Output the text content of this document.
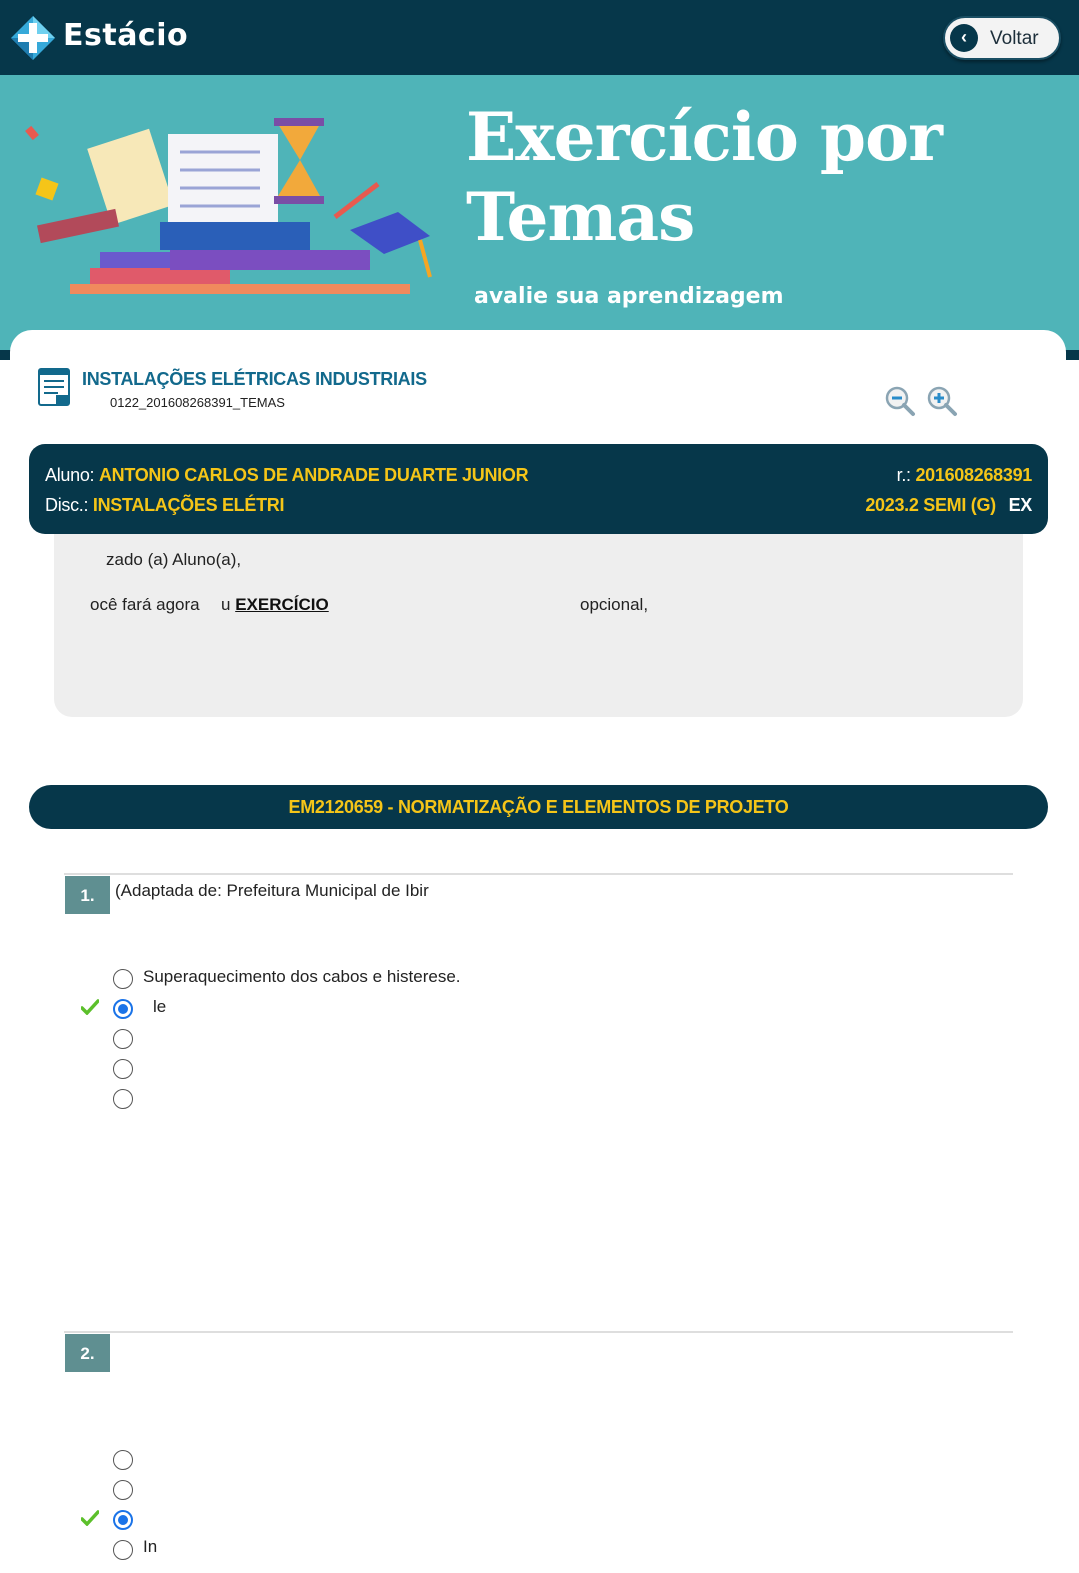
Estácio	‹	Voltar
Exercício por
Temas
avalie sua aprendizagem
INSTALAÇÕES ELÉTRICAS INDUSTRIAIS
0122_201608268391_TEMAS
Aluno: ANTONIO CARLOS DE ANDRADE DUARTE JUNIOR
Disc.: INSTALAÇÕES ELÉTRI
r.: 201608268391
2023.2 SEMI (G) EX
zado (a) Aluno(a),
ocê fará agora u EXERCÍCIO	opcional,
EM2120659 - NORMATIZAÇÃO E ELEMENTOS DE PROJETO
1.	(Adaptada de: Prefeitura Municipal de Ibir
Superaquecimento dos cabos e histerese.
le
2.
In
